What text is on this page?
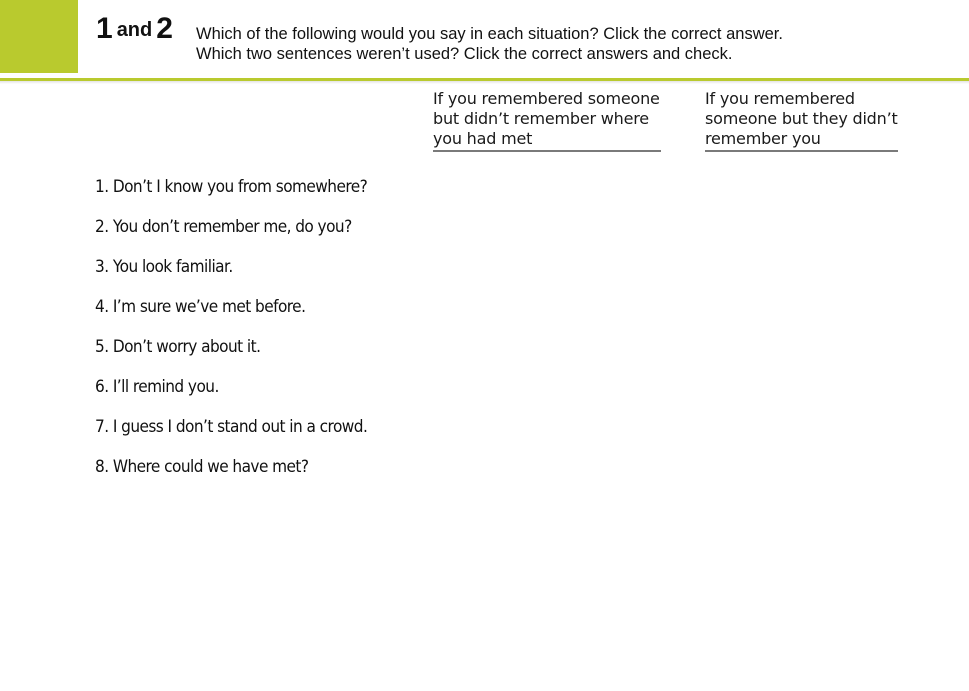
1 and 2 Which of the following would you say in each situation? Click the correct answer.
Which two sentences weren’t used? Click the correct answers and check.
If you remembered someone
but didn’t remember where
you had met
If you remembered
someone but they didn’t
remember you
1. Don’t I know you from somewhere?
2. You don’t remember me, do you?
3. You look familiar.
4. I’m sure we’ve met before.
5. Don’t worry about it.
6. I’ll remind you.
7. I guess I don’t stand out in a crowd.
8. Where could we have met?
